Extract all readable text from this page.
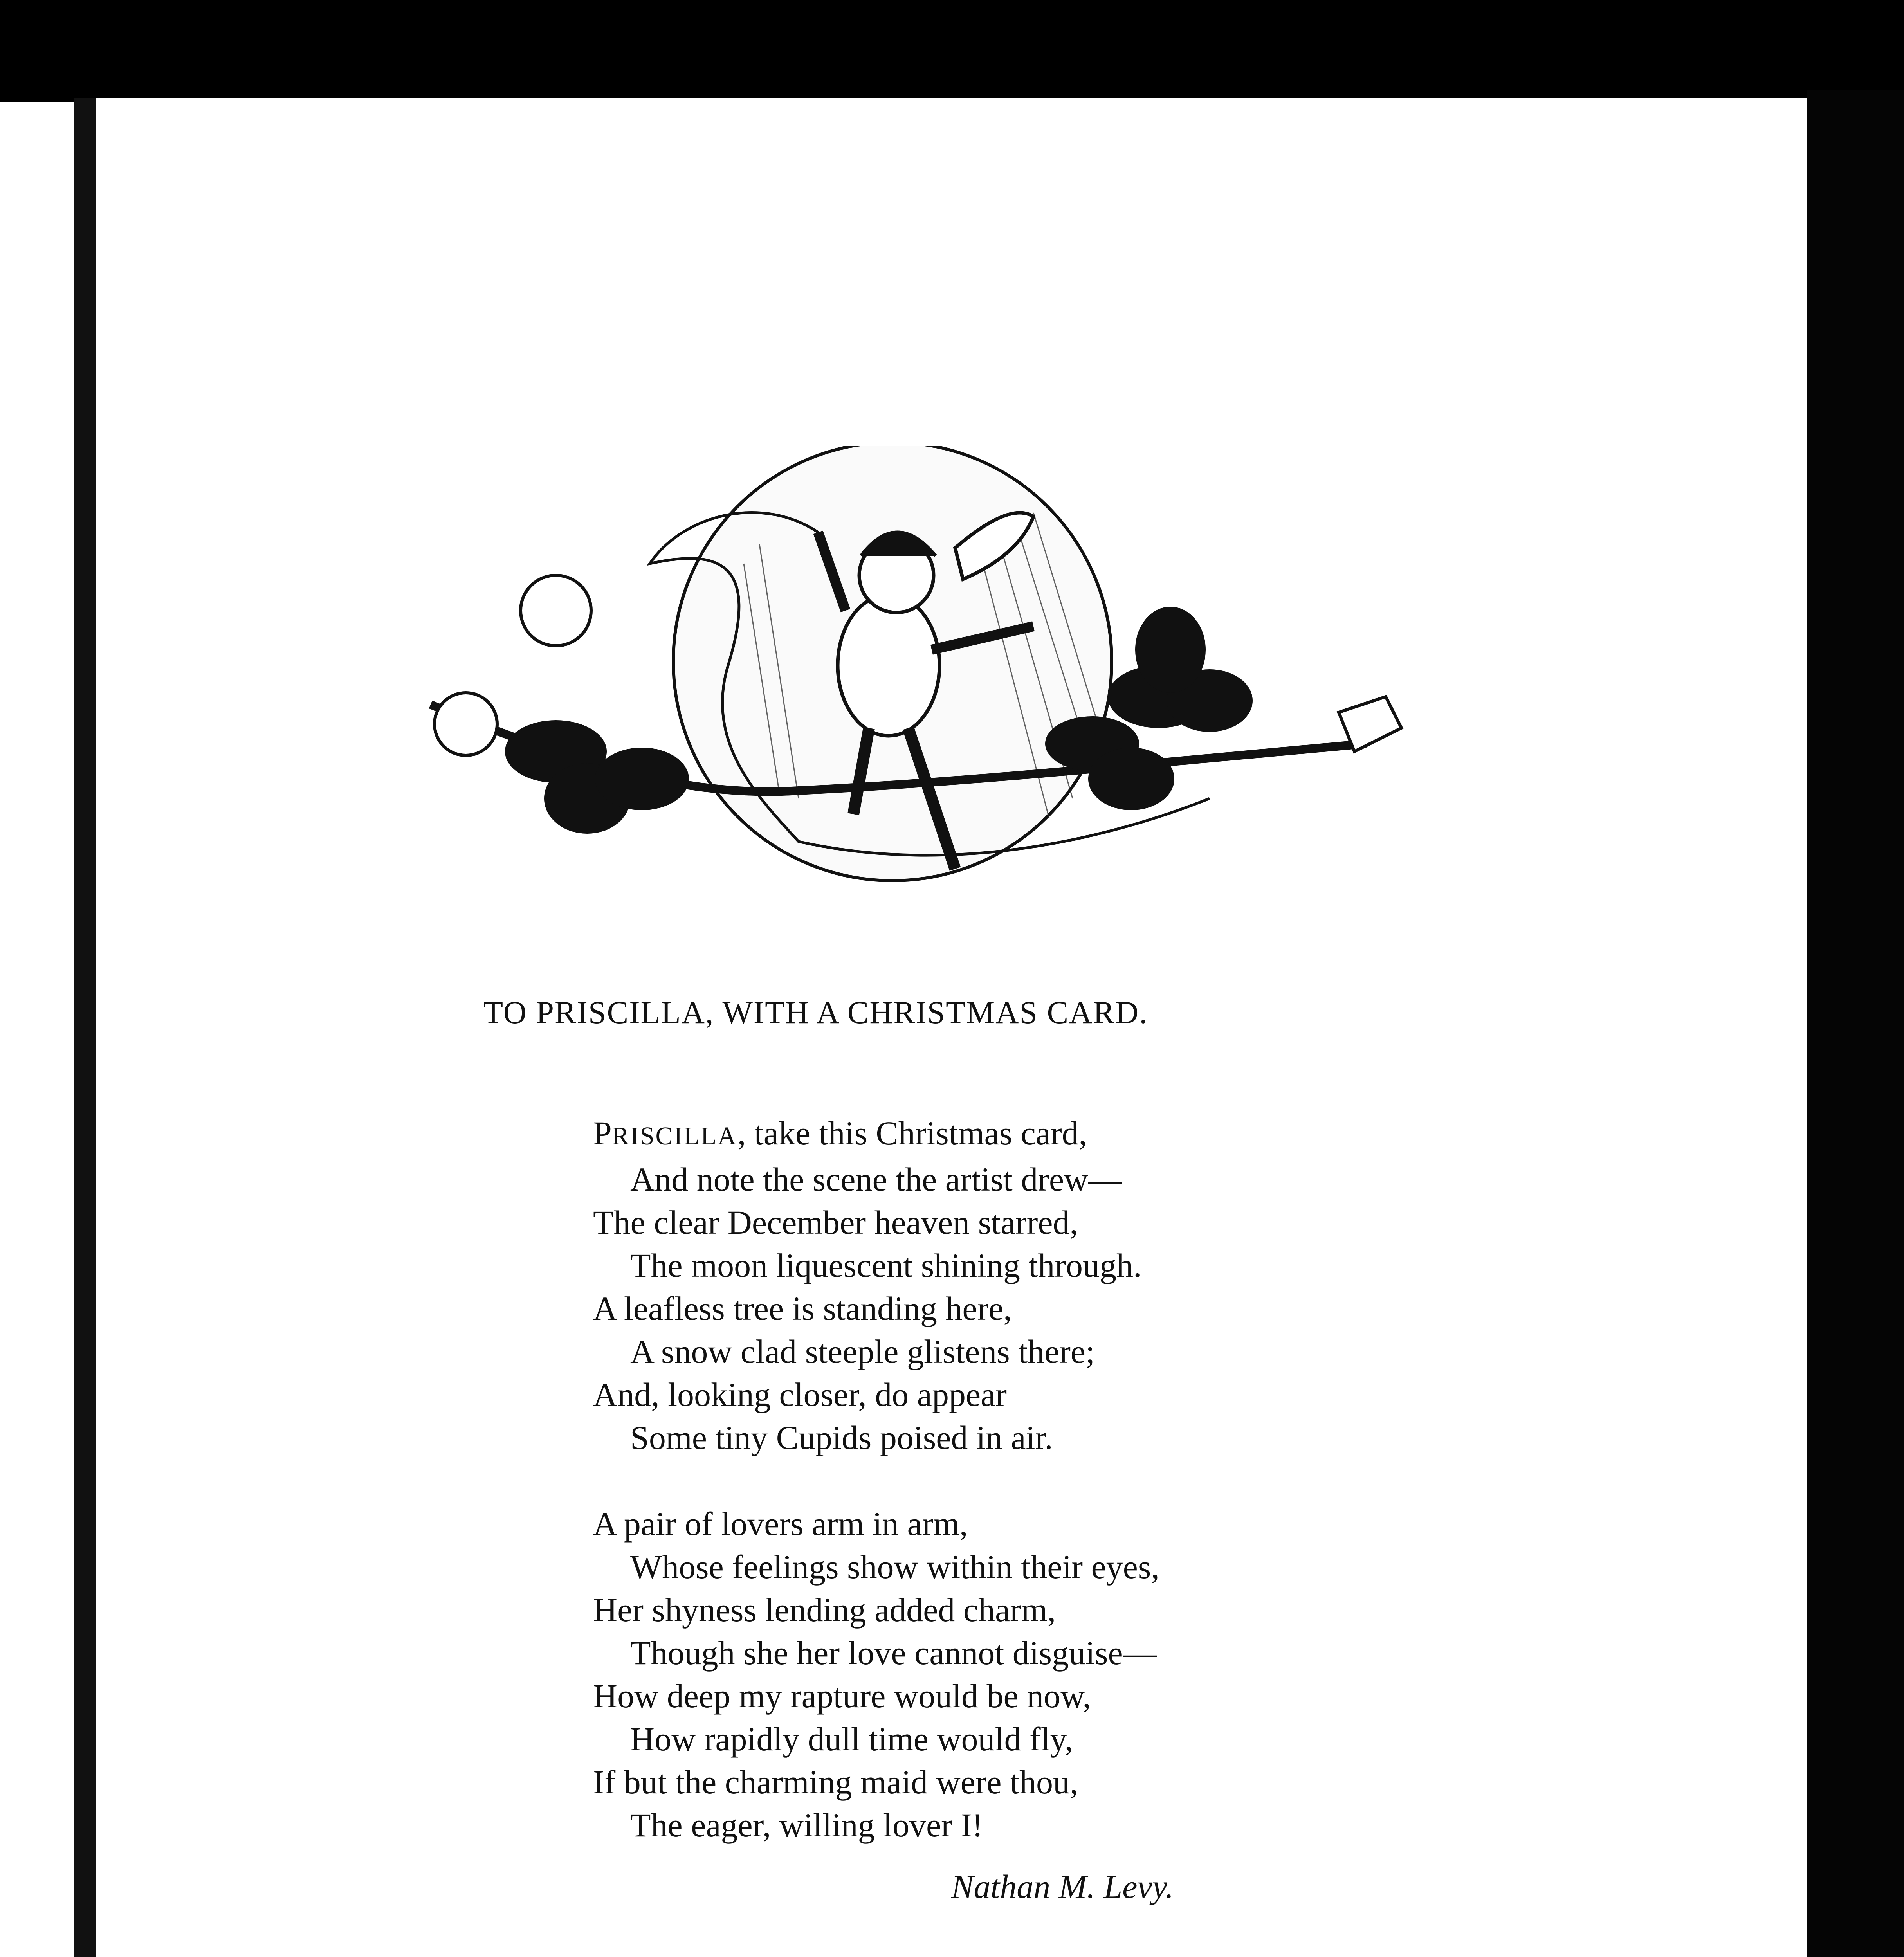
TO PRISCILLA, WITH A CHRISTMAS CARD.
PRISCILLA, take this Christmas card,
And note the scene the artist drew—
The clear December heaven starred,
The moon liquescent shining through.
A leafless tree is standing here,
A snow clad steeple glistens there;
And, looking closer, do appear
Some tiny Cupids poised in air.
A pair of lovers arm in arm,
Whose feelings show within their eyes,
Her shyness lending added charm,
Though she her love cannot disguise—
How deep my rapture would be now,
How rapidly dull time would fly,
If but the charming maid were thou,
The eager, willing lover I!
Nathan M. Levy.
